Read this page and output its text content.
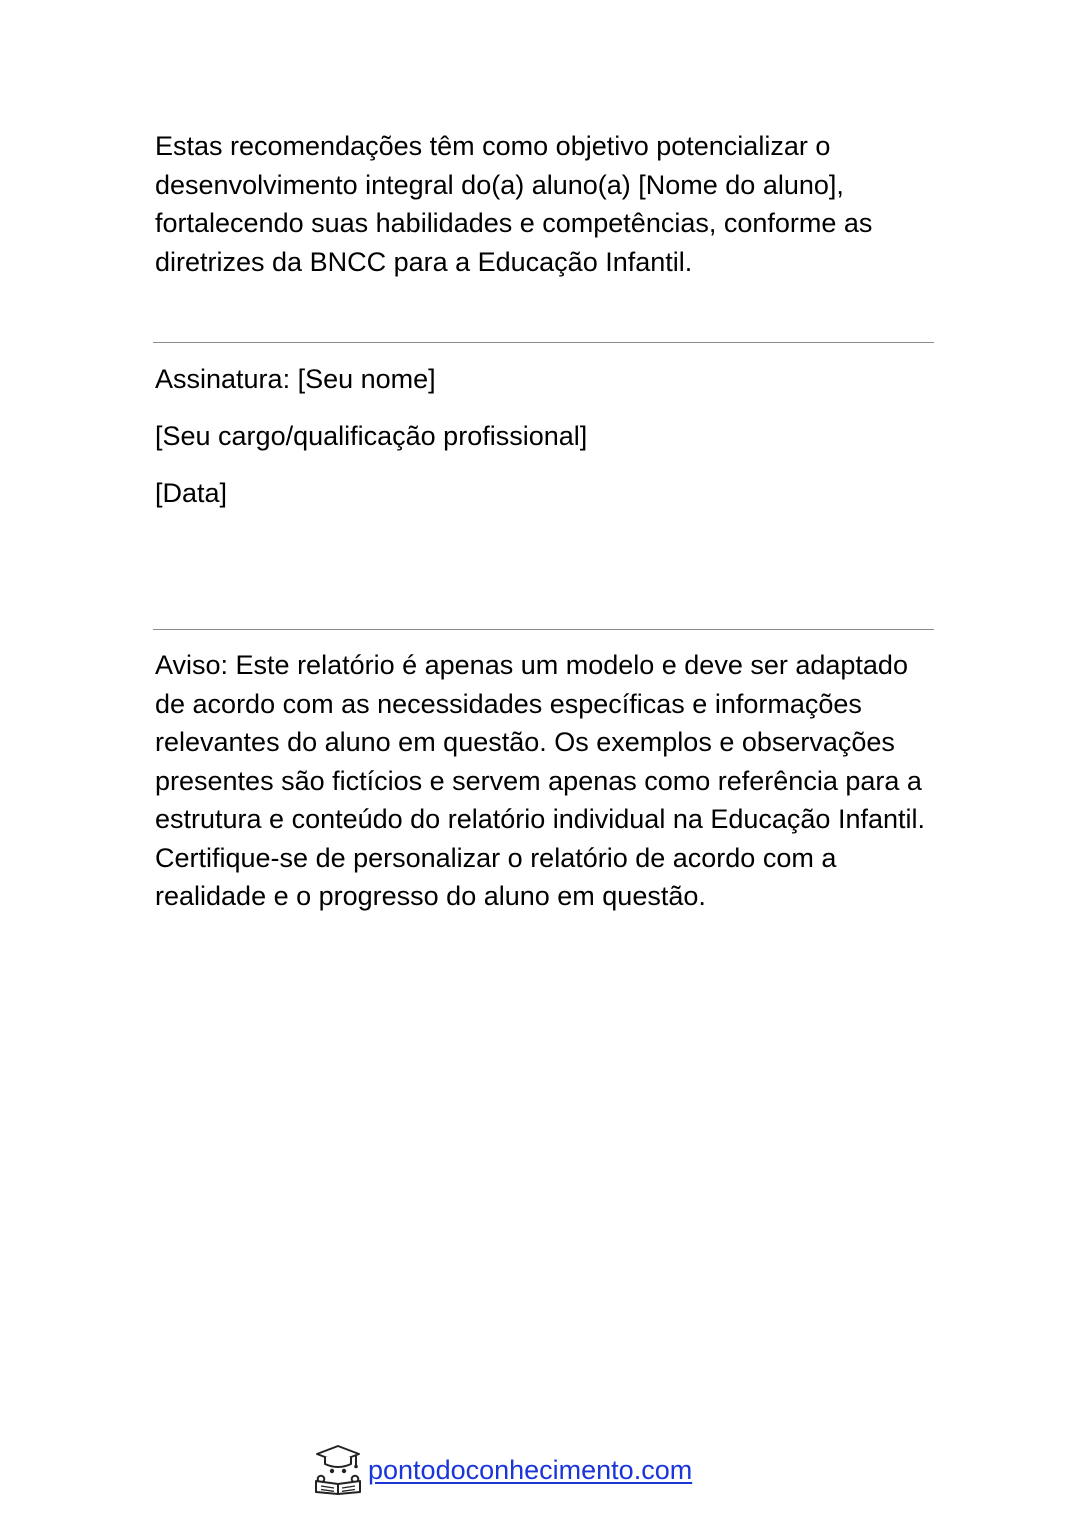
Estas recomendações têm como objetivo potencializar o desenvolvimento integral do(a) aluno(a) [Nome do aluno], fortalecendo suas habilidades e competências, conforme as diretrizes da BNCC para a Educação Infantil.

Assinatura: [Seu nome]
[Seu cargo/qualificação profissional]
[Data]

Aviso: Este relatório é apenas um modelo e deve ser adaptado de acordo com as necessidades específicas e informações relevantes do aluno em questão. Os exemplos e observações presentes são fictícios e servem apenas como referência para a estrutura e conteúdo do relatório individual na Educação Infantil. Certifique-se de personalizar o relatório de acordo com a realidade e o progresso do aluno em questão.

pontodoconhecimento.com
